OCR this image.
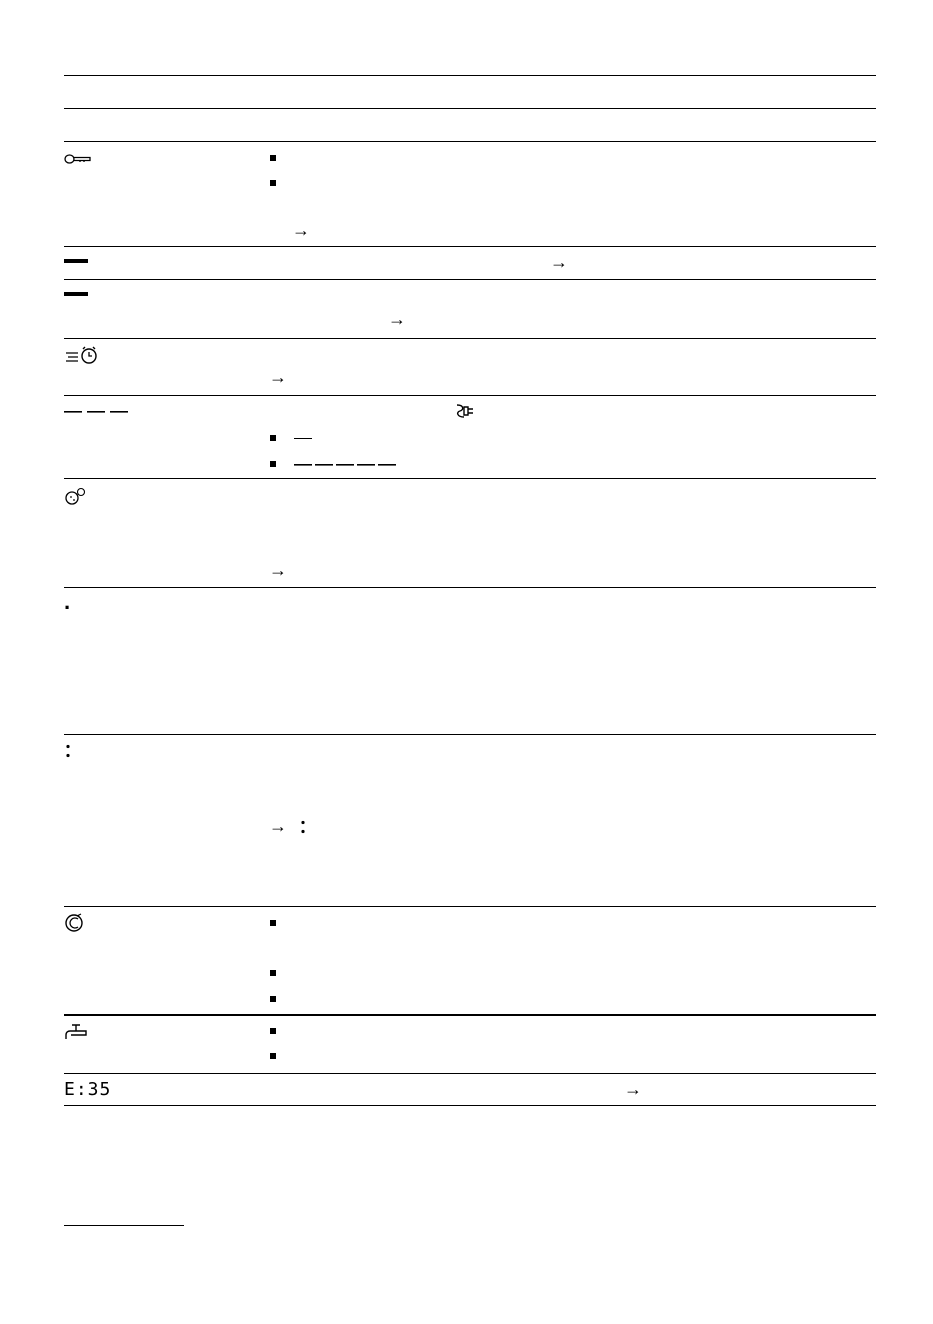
→
→
→
→
→
·
→
E:35	→
